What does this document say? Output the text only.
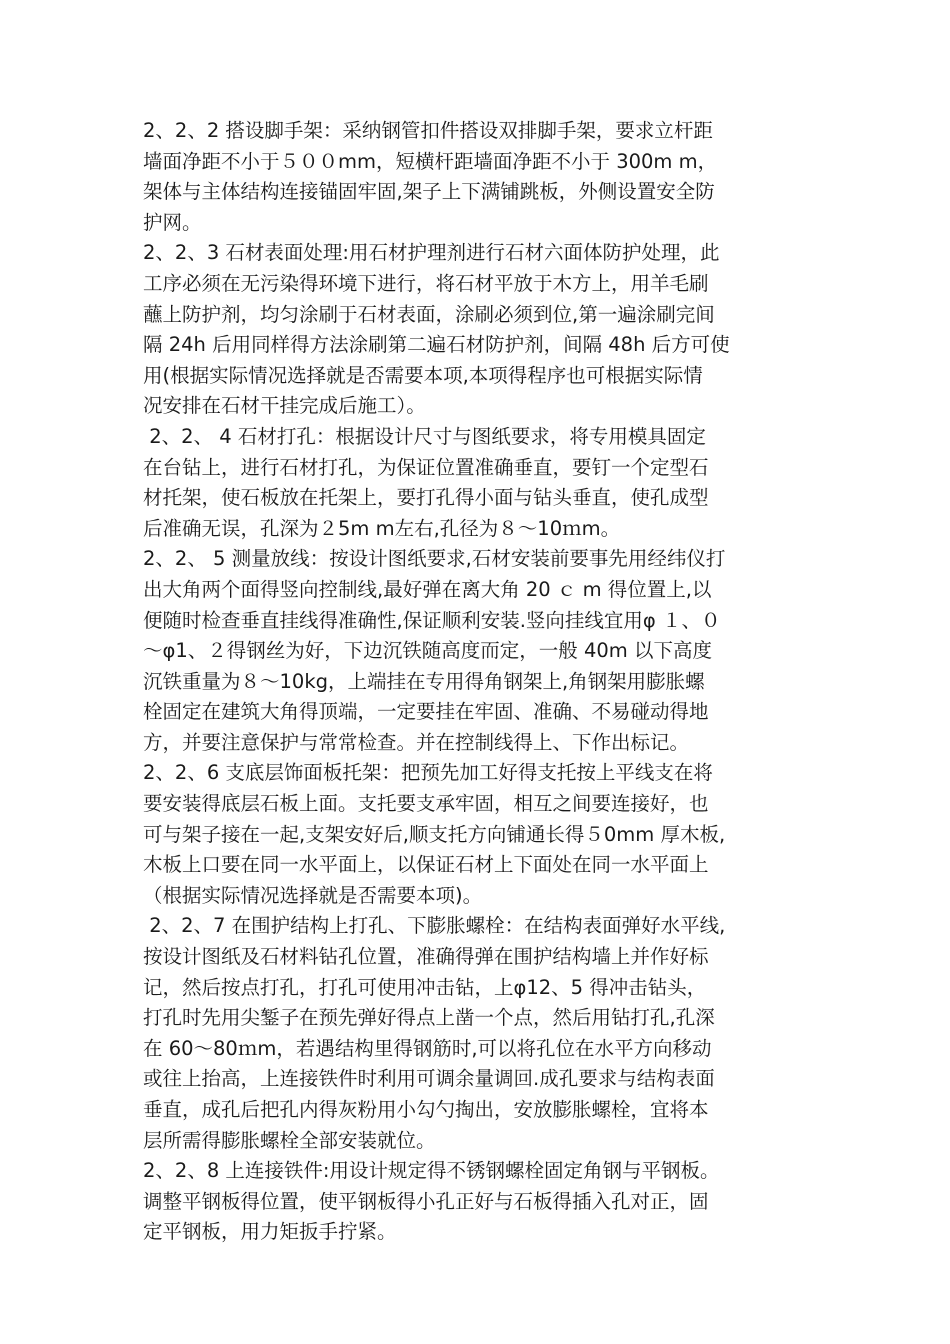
2、2、2 搭设脚手架：采纳钢管扣件搭设双排脚手架，要求立杆距
墙面净距不小于５００mm，短横杆距墙面净距不小于 300m m，
架体与主体结构连接锚固牢固,架子上下满铺跳板，外侧设置安全防
护网。
2、2、3 石材表面处理:用石材护理剂进行石材六面体防护处理，此
工序必须在无污染得环境下进行，将石材平放于木方上，用羊毛刷
蘸上防护剂，均匀涂刷于石材表面，涂刷必须到位,第一遍涂刷完间
隔 24h 后用同样得方法涂刷第二遍石材防护剂，间隔 48h 后方可使
用(根据实际情况选择就是否需要本项,本项得程序也可根据实际情
况安排在石材干挂完成后施工）。
2、2、 4 石材打孔：根据设计尺寸与图纸要求，将专用模具固定
在台钻上，进行石材打孔，为保证位置准确垂直，要钉一个定型石
材托架，使石板放在托架上，要打孔得小面与钻头垂直，使孔成型
后准确无误，孔深为２5m m左右,孔径为８～10ｍm。
2、2、 5 测量放线：按设计图纸要求,石材安装前要事先用经纬仪打
出大角两个面得竖向控制线,最好弹在离大角 20 ｃ m 得位置上,以
便随时检查垂直挂线得准确性,保证顺利安装.竖向挂线宜用φ １、０
～φ1、２得钢丝为好，下边沉铁随高度而定，一般 40m 以下高度
沉铁重量为８～10kg，上端挂在专用得角钢架上,角钢架用膨胀螺
栓固定在建筑大角得顶端，一定要挂在牢固、准确、不易碰动得地
方，并要注意保护与常常检查。并在控制线得上、下作出标记。
2、2、6 支底层饰面板托架：把预先加工好得支托按上平线支在将
要安装得底层石板上面。支托要支承牢固，相互之间要连接好，也
可与架子接在一起,支架安好后,顺支托方向铺通长得５0mm 厚木板,
木板上口要在同一水平面上，以保证石材上下面处在同一水平面上
（根据实际情况选择就是否需要本项)。
2、2、7 在围护结构上打孔、下膨胀螺栓：在结构表面弹好水平线,
按设计图纸及石材料钻孔位置，准确得弹在围护结构墙上并作好标
记，然后按点打孔，打孔可使用冲击钻，上φ12、5 得冲击钻头，
打孔时先用尖錾子在预先弹好得点上凿一个点，然后用钻打孔,孔深
在 60～80ｍm，若遇结构里得钢筋时,可以将孔位在水平方向移动
或往上抬高，上连接铁件时利用可调余量调回.成孔要求与结构表面
垂直，成孔后把孔内得灰粉用小勾勺掏出，安放膨胀螺栓，宜将本
层所需得膨胀螺栓全部安装就位。
2、2、8 上连接铁件:用设计规定得不锈钢螺栓固定角钢与平钢板。
调整平钢板得位置，使平钢板得小孔正好与石板得插入孔对正，固
定平钢板，用力矩扳手拧紧。
